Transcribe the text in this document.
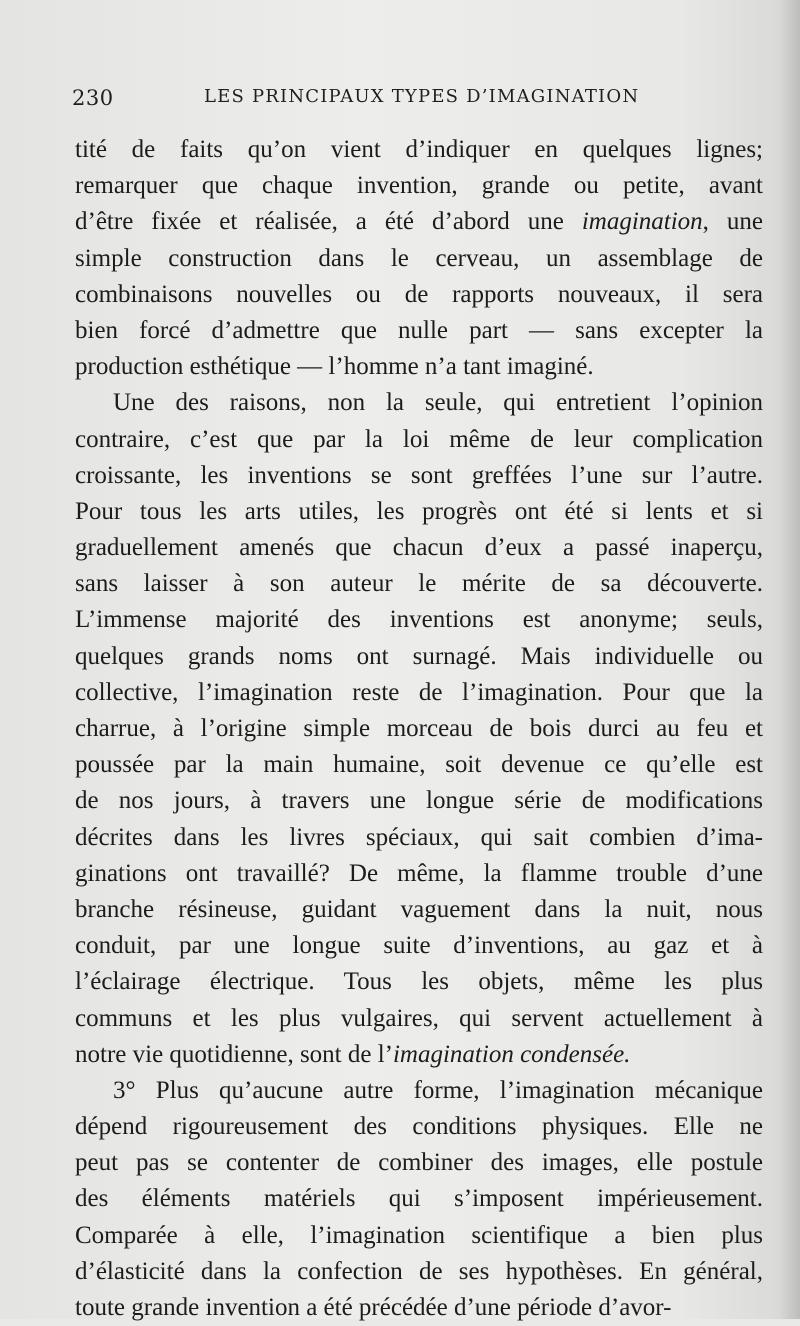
230	LES PRINCIPAUX TYPES D’IMAGINATION
tité de faits qu’on vient d’indiquer en quelques lignes;
remarquer que chaque invention, grande ou petite, avant
d’être fixée et réalisée, a été d’abord une imagination, une
simple construction dans le cerveau, un assemblage de
combinaisons nouvelles ou de rapports nouveaux, il sera
bien forcé d’admettre que nulle part — sans excepter la
production esthétique — l’homme n’a tant imaginé.
Une des raisons, non la seule, qui entretient l’opinion
contraire, c’est que par la loi même de leur complication
croissante, les inventions se sont greffées l’une sur l’autre.
Pour tous les arts utiles, les progrès ont été si lents et si
graduellement amenés que chacun d’eux a passé inaperçu,
sans laisser à son auteur le mérite de sa découverte.
L’immense majorité des inventions est anonyme; seuls,
quelques grands noms ont surnagé. Mais individuelle ou
collective, l’imagination reste de l’imagination. Pour que la
charrue, à l’origine simple morceau de bois durci au feu et
poussée par la main humaine, soit devenue ce qu’elle est
de nos jours, à travers une longue série de modifications
décrites dans les livres spéciaux, qui sait combien d’ima-
ginations ont travaillé? De même, la flamme trouble d’une
branche résineuse, guidant vaguement dans la nuit, nous
conduit, par une longue suite d’inventions, au gaz et à
l’éclairage électrique. Tous les objets, même les plus
communs et les plus vulgaires, qui servent actuellement à
notre vie quotidienne, sont de l’imagination condensée.
3° Plus qu’aucune autre forme, l’imagination mécanique
dépend rigoureusement des conditions physiques. Elle ne
peut pas se contenter de combiner des images, elle postule
des éléments matériels qui s’imposent impérieusement.
Comparée à elle, l’imagination scientifique a bien plus
d’élasticité dans la confection de ses hypothèses. En général,
toute grande invention a été précédée d’une période d’avor-
